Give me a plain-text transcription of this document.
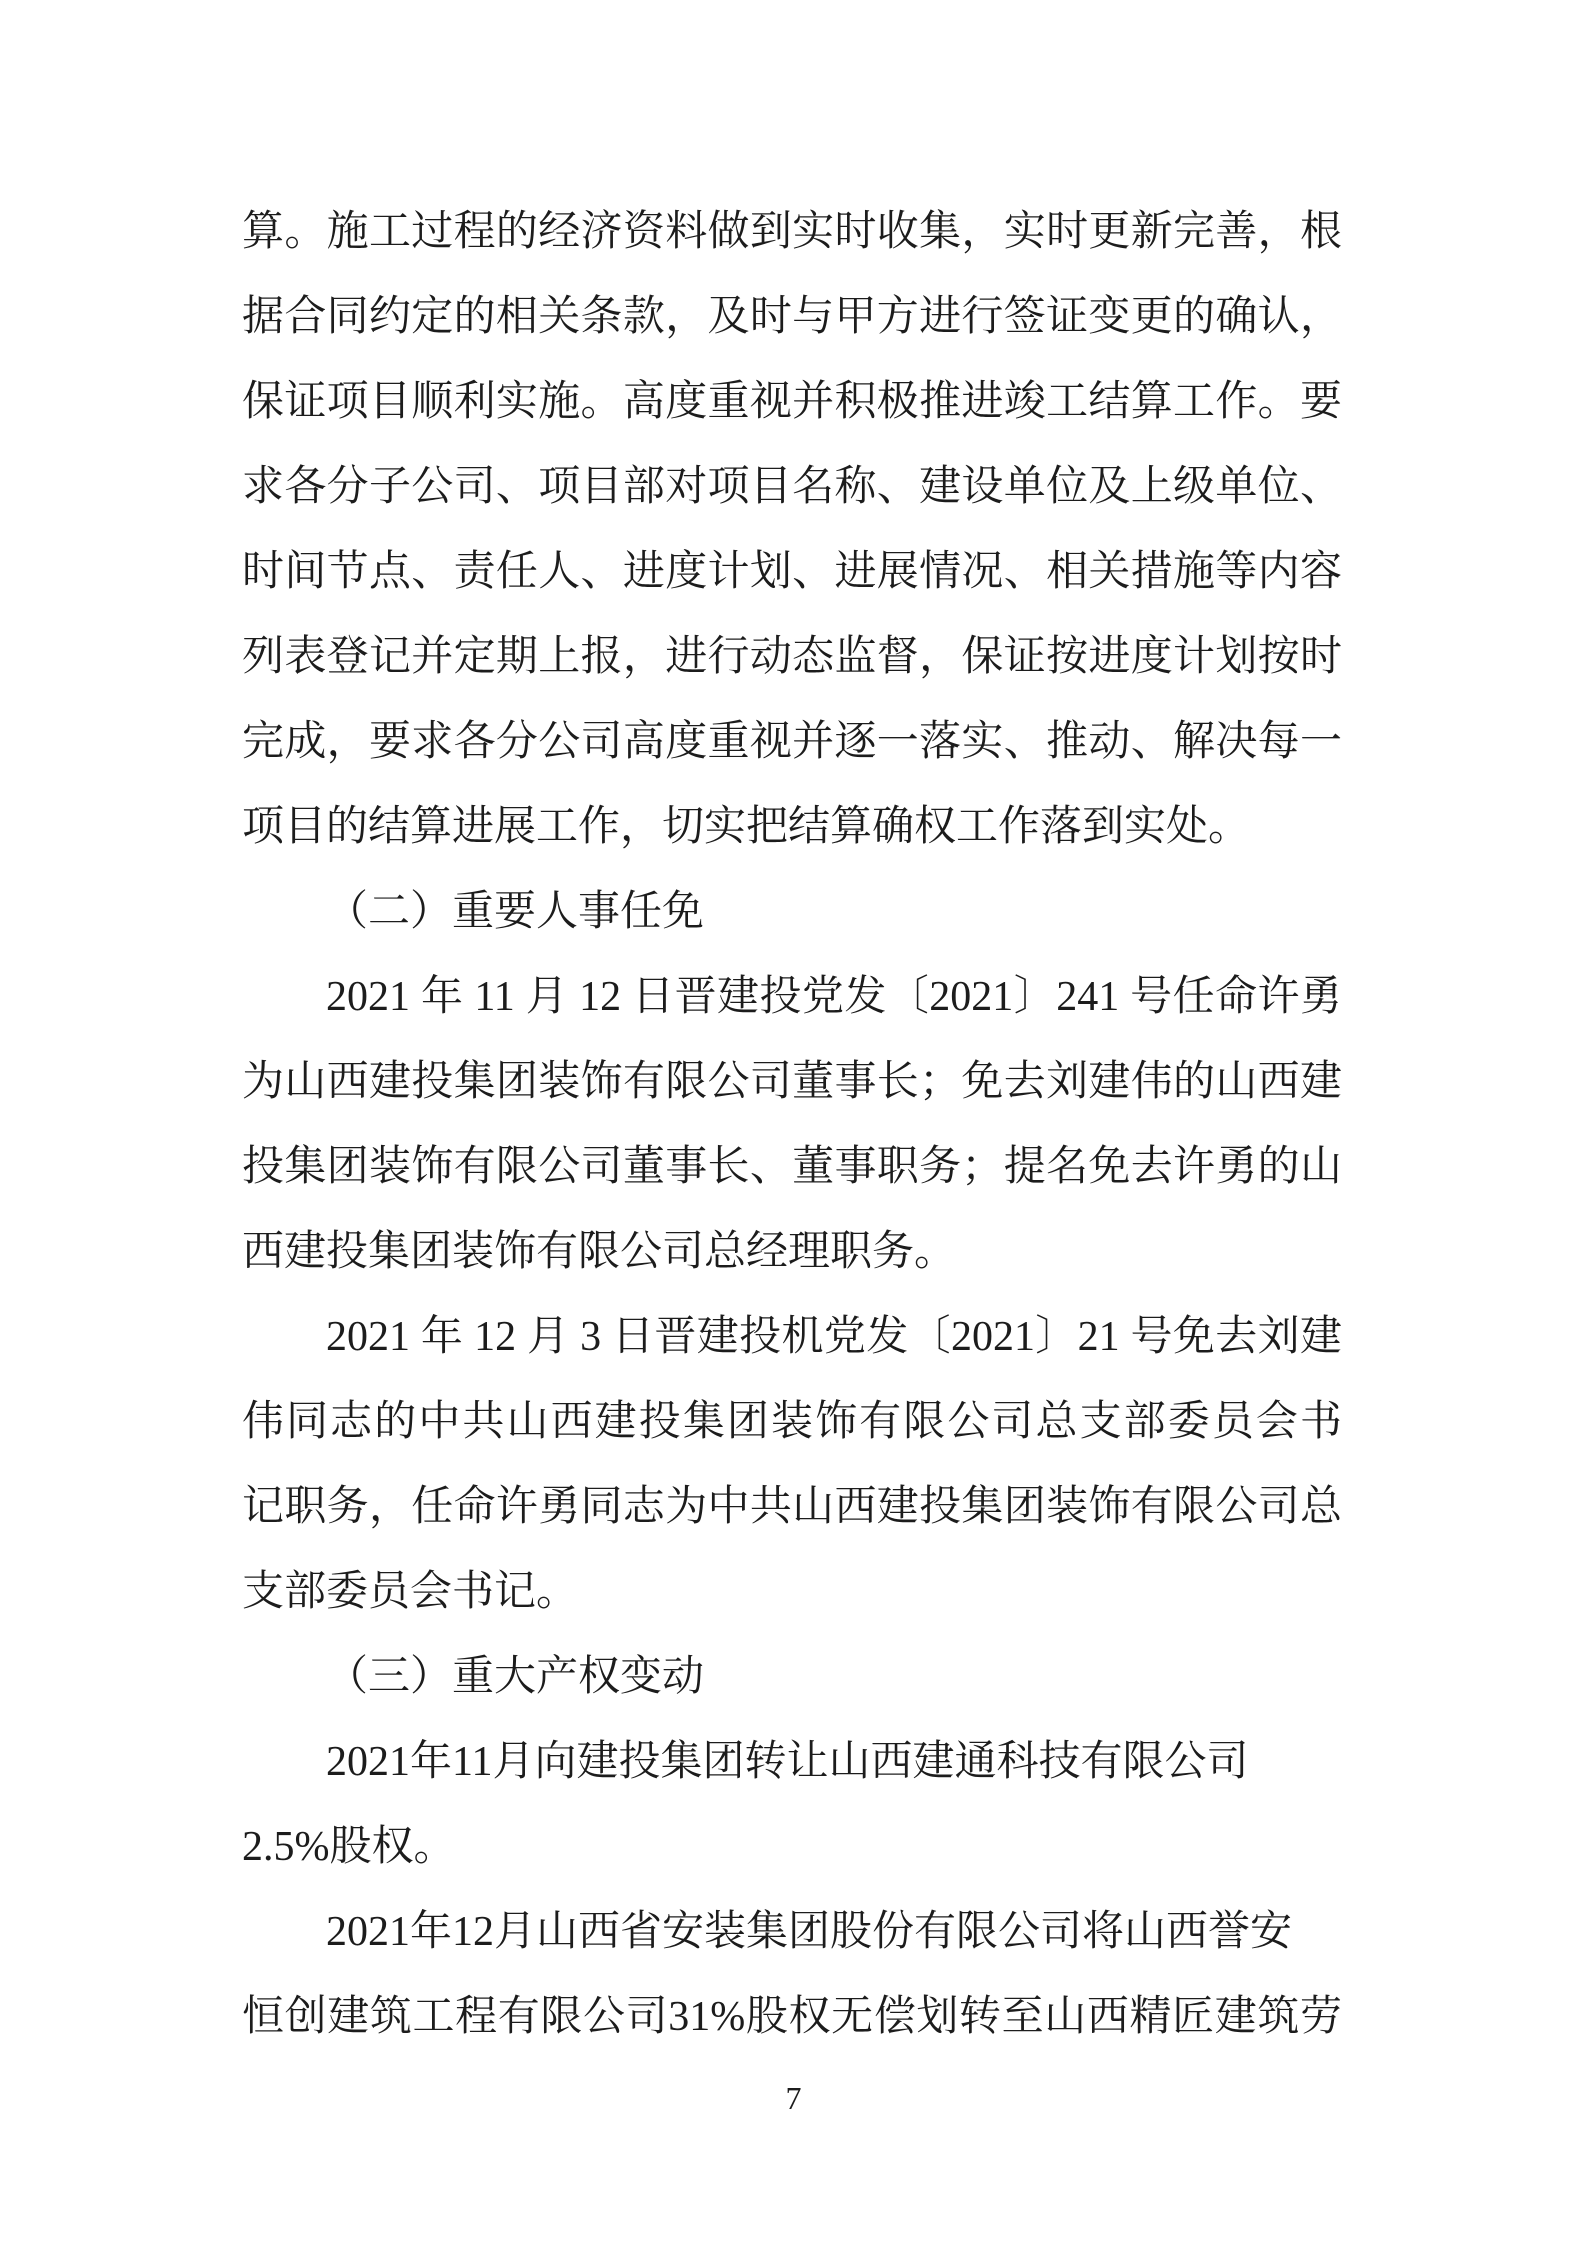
算。施工过程的经济资料做到实时收集，实时更新完善，根
据合同约定的相关条款，及时与甲方进行签证变更的确认，
保证项目顺利实施。高度重视并积极推进竣工结算工作。要
求各分子公司、项目部对项目名称、建设单位及上级单位、
时间节点、责任人、进度计划、进展情况、相关措施等内容
列表登记并定期上报，进行动态监督，保证按进度计划按时
完成，要求各分公司高度重视并逐一落实、推动、解决每一
项目的结算进展工作，切实把结算确权工作落到实处。
（二）重要人事任免
2021 年 11 月 12 日晋建投党发〔2021〕241 号任命许勇
为山西建投集团装饰有限公司董事长；免去刘建伟的山西建
投集团装饰有限公司董事长、董事职务；提名免去许勇的山
西建投集团装饰有限公司总经理职务。
2021 年 12 月 3 日晋建投机党发〔2021〕21 号免去刘建
伟同志的中共山西建投集团装饰有限公司总支部委员会书
记职务，任命许勇同志为中共山西建投集团装饰有限公司总
支部委员会书记。
（三）重大产权变动
2021年11月向建投集团转让山西建通科技有限公司
2.5%股权。
2021年12月山西省安装集团股份有限公司将山西誉安
恒创建筑工程有限公司31%股权无偿划转至山西精匠建筑劳
7
